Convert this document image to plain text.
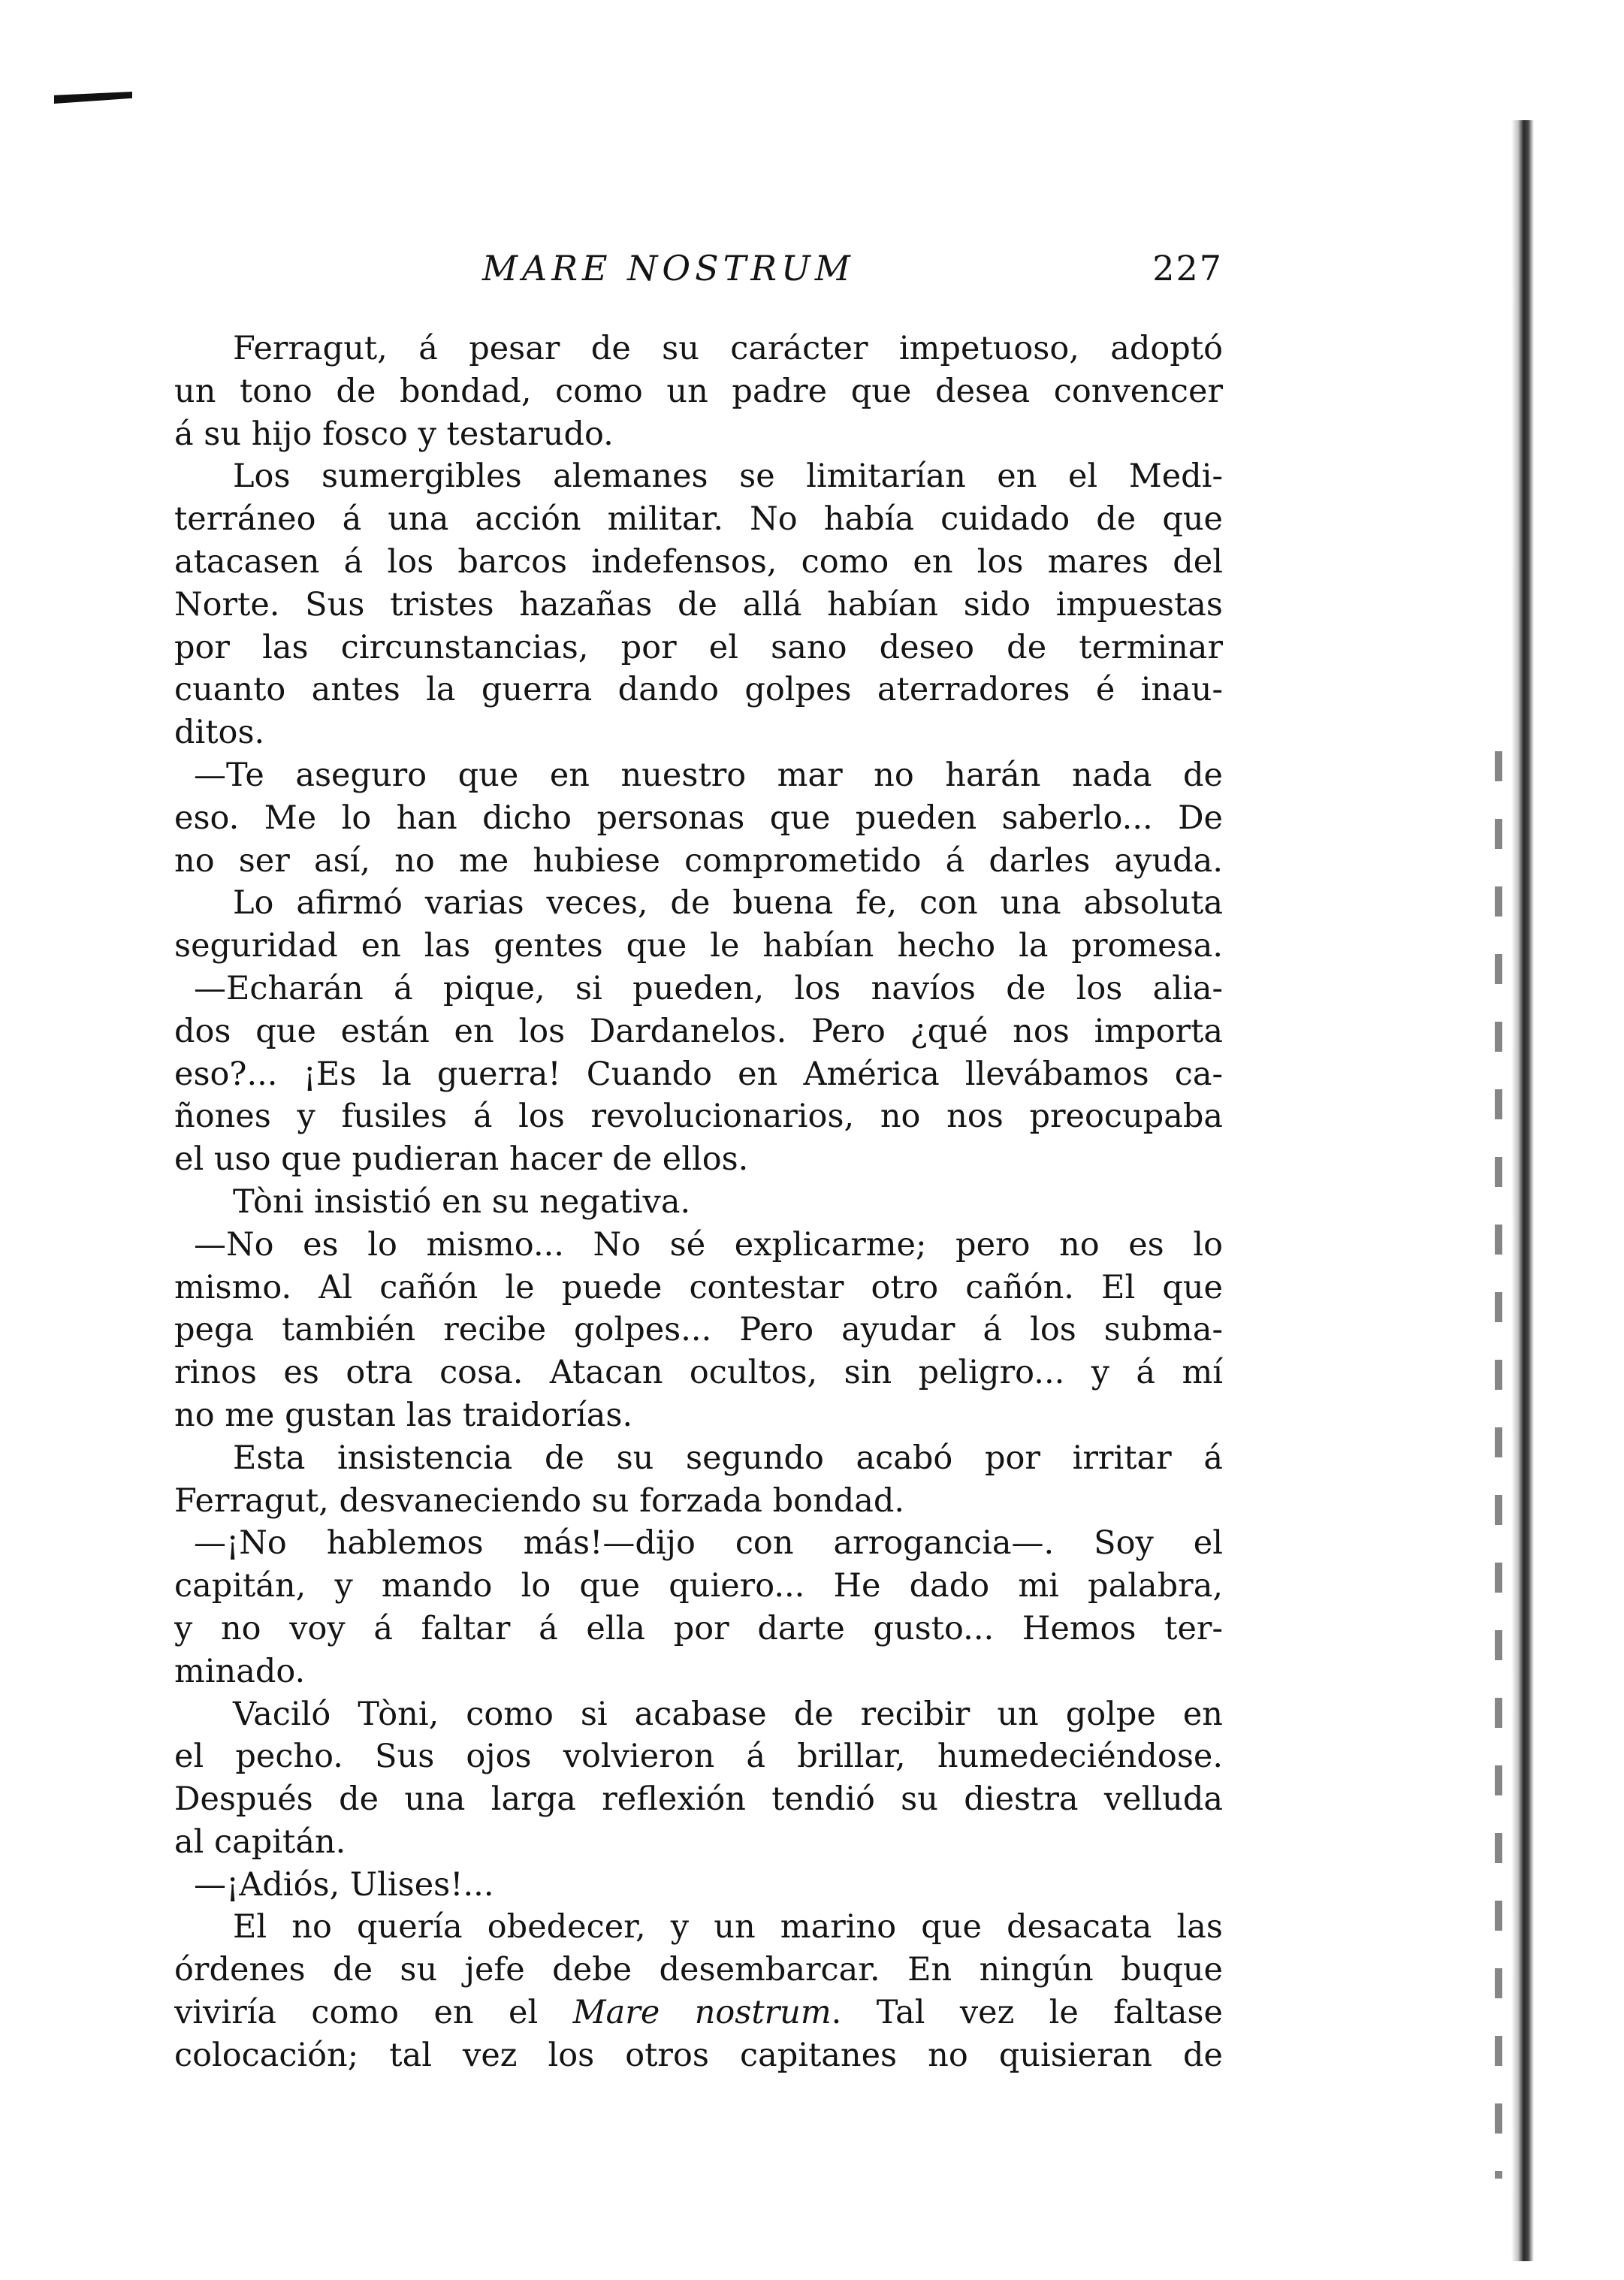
MARE NOSTRUM	227
Ferragut, á pesar de su carácter impetuoso, adoptó
un tono de bondad, como un padre que desea convencer
á su hijo fosco y testarudo.
Los sumergibles alemanes se limitarían en el Medi-
terráneo á una acción militar. No había cuidado de que
atacasen á los barcos indefensos, como en los mares del
Norte. Sus tristes hazañas de allá habían sido impuestas
por las circunstancias, por el sano deseo de terminar
cuanto antes la guerra dando golpes aterradores é inau-
ditos.
—Te aseguro que en nuestro mar no harán nada de
eso. Me lo han dicho personas que pueden saberlo... De
no ser así, no me hubiese comprometido á darles ayuda.
Lo afirmó varias veces, de buena fe, con una absoluta
seguridad en las gentes que le habían hecho la promesa.
—Echarán á pique, si pueden, los navíos de los alia-
dos que están en los Dardanelos. Pero ¿qué nos importa
eso?... ¡Es la guerra! Cuando en América llevábamos ca-
ñones y fusiles á los revolucionarios, no nos preocupaba
el uso que pudieran hacer de ellos.
Tòni insistió en su negativa.
—No es lo mismo... No sé explicarme; pero no es lo
mismo. Al cañón le puede contestar otro cañón. El que
pega también recibe golpes... Pero ayudar á los subma-
rinos es otra cosa. Atacan ocultos, sin peligro... y á mí
no me gustan las traidorías.
Esta insistencia de su segundo acabó por irritar á
Ferragut, desvaneciendo su forzada bondad.
—¡No hablemos más!—dijo con arrogancia—. Soy el
capitán, y mando lo que quiero... He dado mi palabra,
y no voy á faltar á ella por darte gusto... Hemos ter-
minado.
Vaciló Tòni, como si acabase de recibir un golpe en
el pecho. Sus ojos volvieron á brillar, humedeciéndose.
Después de una larga reflexión tendió su diestra velluda
al capitán.
—¡Adiós, Ulises!...
El no quería obedecer, y un marino que desacata las
órdenes de su jefe debe desembarcar. En ningún buque
viviría como en el Mare nostrum. Tal vez le faltase
colocación; tal vez los otros capitanes no quisieran de
